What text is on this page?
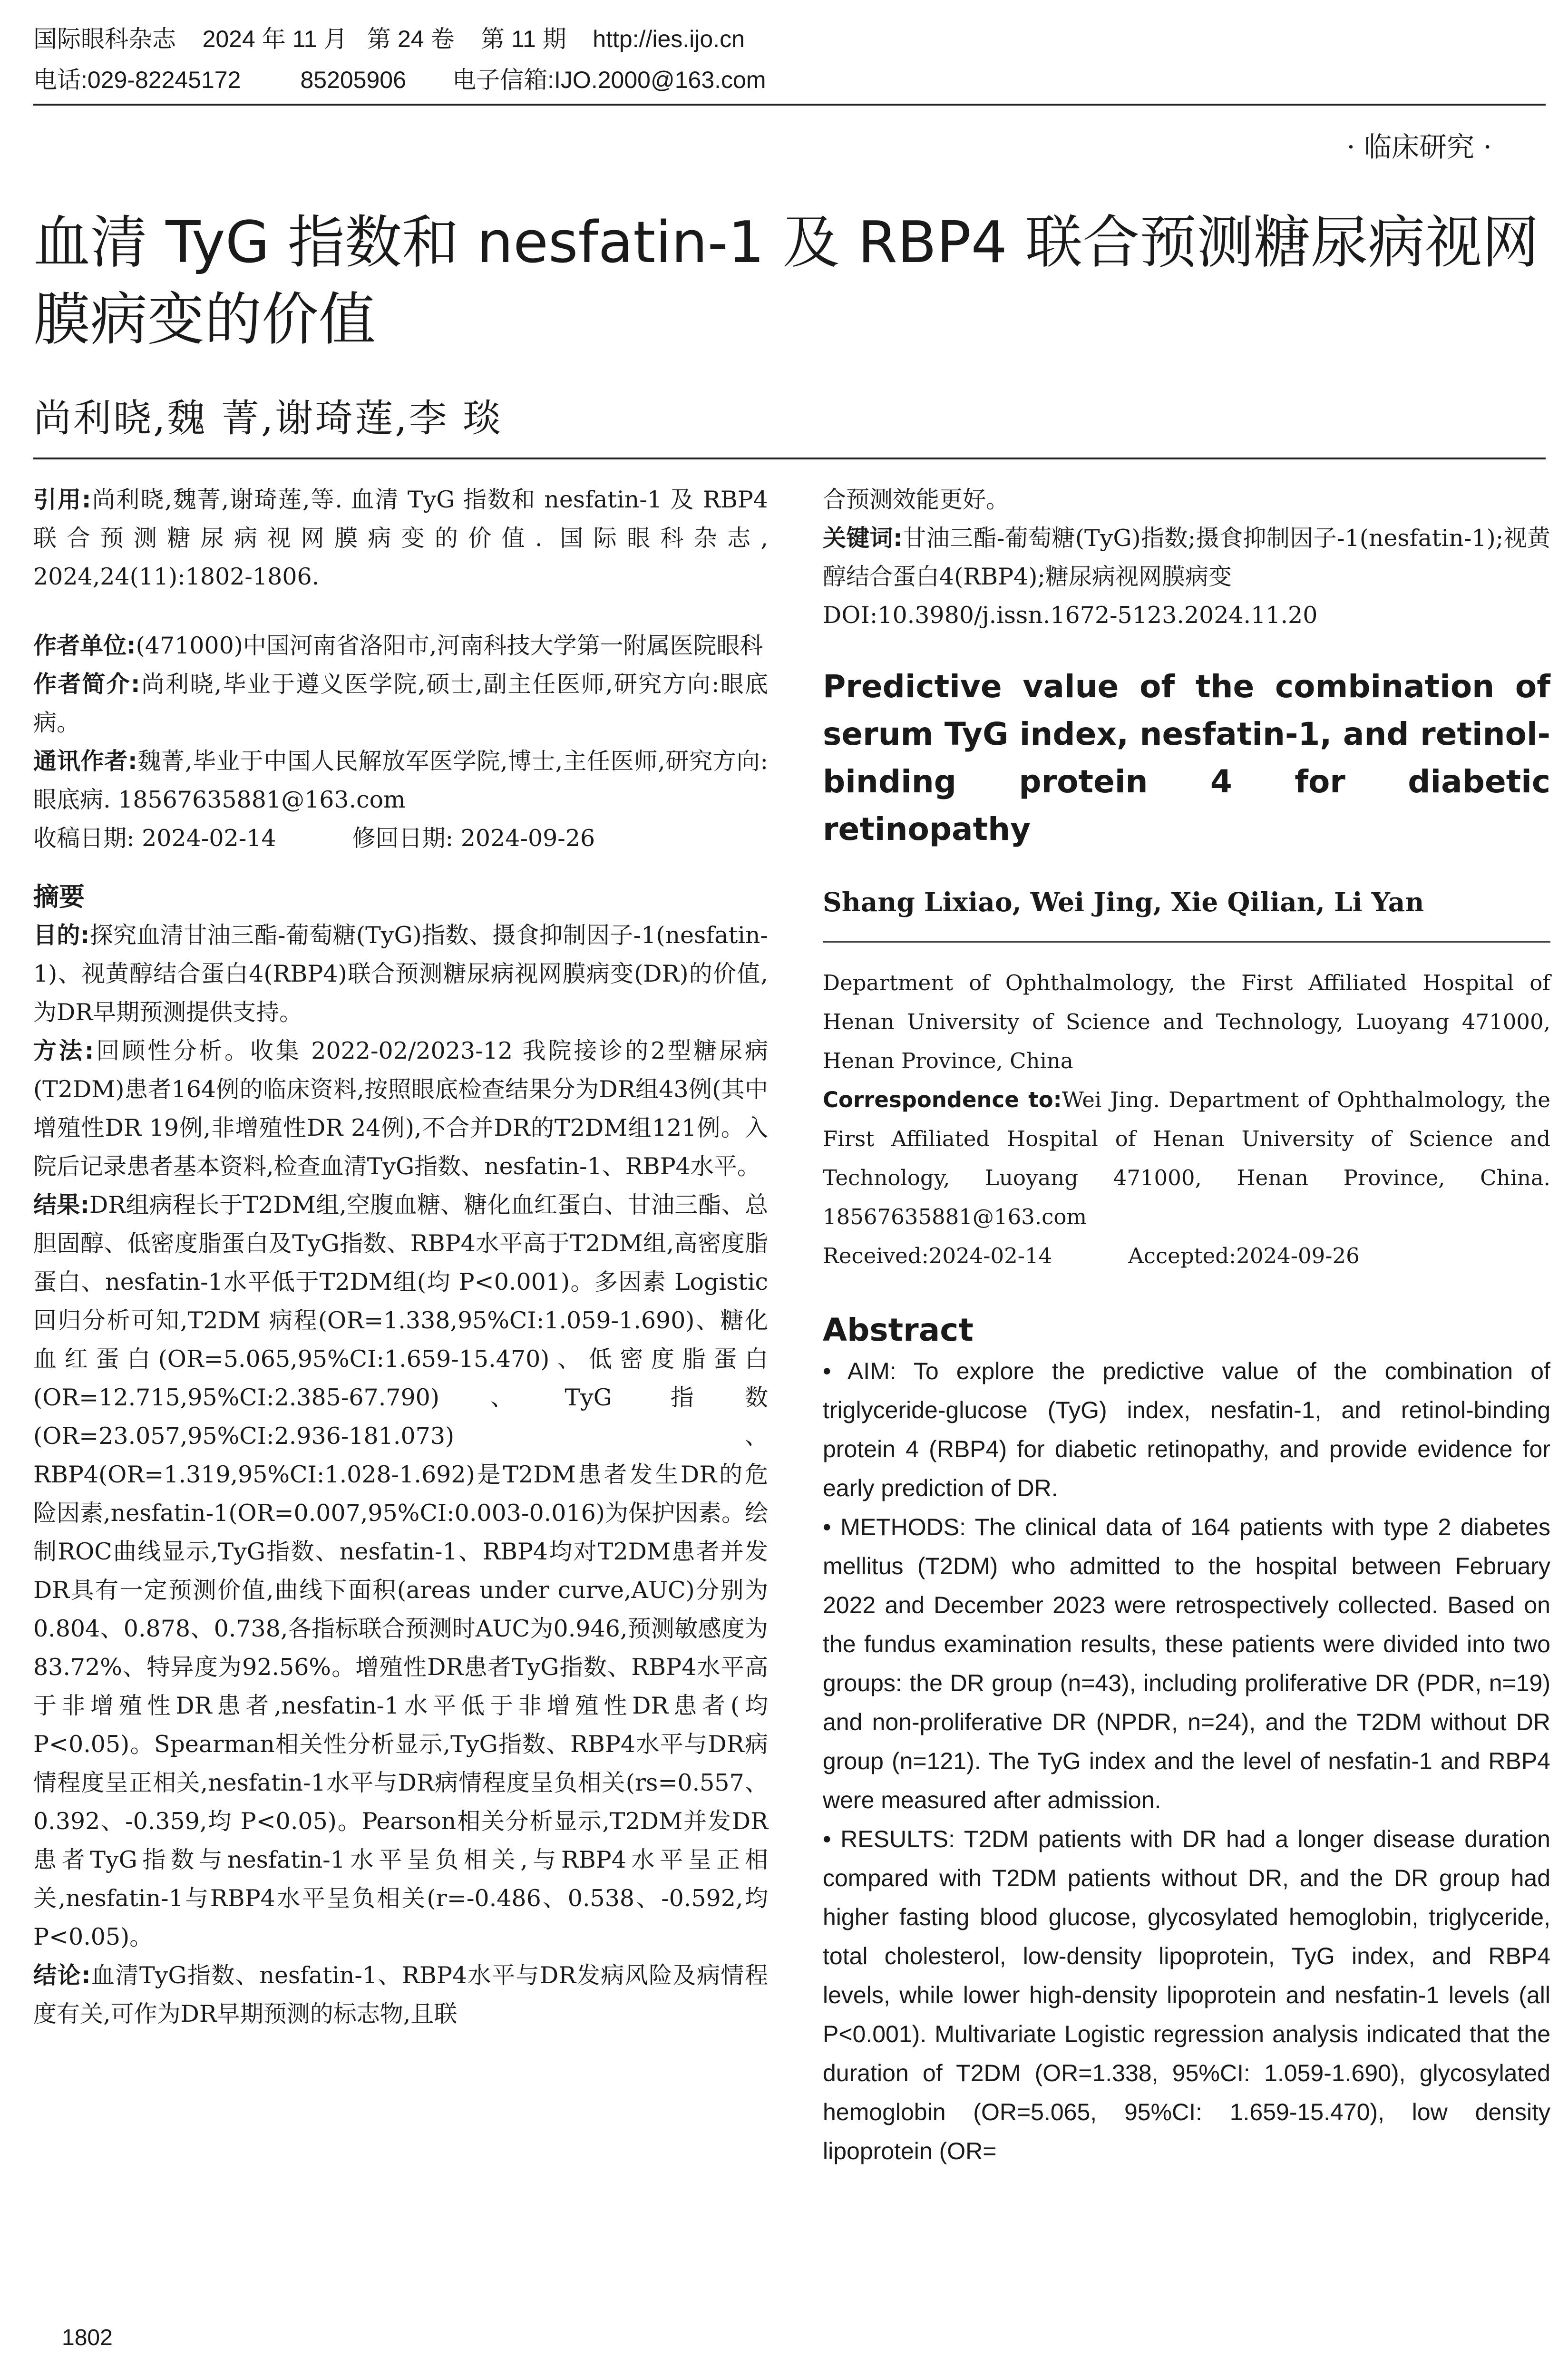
国际眼科杂志    2024 年 11 月   第 24 卷    第 11 期    http://ies.ijo.cn
电话:029-82245172         85205906       电子信箱:IJO.2000@163.com
· 临床研究 ·
血清 TyG 指数和 nesfatin-1 及 RBP4 联合预测糖尿病视网膜病变的价值
尚利晓,魏 菁,谢琦莲,李 琰

引用:尚利晓,魏菁,谢琦莲,等. 血清 TyG 指数和 nesfatin-1 及 RBP4 联合预测糖尿病视网膜病变的价值. 国际眼科杂志, 2024,24(11):1802-1806.

作者单位:(471000)中国河南省洛阳市,河南科技大学第一附属医院眼科

作者简介:尚利晓,毕业于遵义医学院,硕士,副主任医师,研究方向:眼底病。

通讯作者:魏菁,毕业于中国人民解放军医学院,博士,主任医师,研究方向:眼底病. 18567635881@163.com

收稿日期: 2024-02-14	修回日期: 2024-09-26

摘要

目的:探究血清甘油三酯-葡萄糖(TyG)指数、摄食抑制因子-1(nesfatin-1)、视黄醇结合蛋白4(RBP4)联合预测糖尿病视网膜病变(DR)的价值,为DR早期预测提供支持。

方法:回顾性分析。收集 2022-02/2023-12 我院接诊的2型糖尿病(T2DM)患者164例的临床资料,按照眼底检查结果分为DR组43例(其中增殖性DR 19例,非增殖性DR 24例),不合并DR的T2DM组121例。入院后记录患者基本资料,检查血清TyG指数、nesfatin-1、RBP4水平。

结果:DR组病程长于T2DM组,空腹血糖、糖化血红蛋白、甘油三酯、总胆固醇、低密度脂蛋白及TyG指数、RBP4水平高于T2DM组,高密度脂蛋白、nesfatin-1水平低于T2DM组(均 P<0.001)。多因素 Logistic 回归分析可知,T2DM 病程(OR=1.338,95%CI:1.059-1.690)、糖化血红蛋白(OR=5.065,95%CI:1.659-15.470)、低密度脂蛋白(OR=12.715,95%CI:2.385-67.790)、TyG 指数(OR=23.057,95%CI:2.936-181.073)、RBP4(OR=1.319,95%CI:1.028-1.692)是T2DM患者发生DR的危险因素,nesfatin-1(OR=0.007,95%CI:0.003-0.016)为保护因素。绘制ROC曲线显示,TyG指数、nesfatin-1、RBP4均对T2DM患者并发DR具有一定预测价值,曲线下面积(areas under curve,AUC)分别为0.804、0.878、0.738,各指标联合预测时AUC为0.946,预测敏感度为83.72%、特异度为92.56%。增殖性DR患者TyG指数、RBP4水平高于非增殖性DR患者,nesfatin-1水平低于非增殖性DR患者(均 P<0.05)。Spearman相关性分析显示,TyG指数、RBP4水平与DR病情程度呈正相关,nesfatin-1水平与DR病情程度呈负相关(rs=0.557、0.392、-0.359,均 P<0.05)。Pearson相关分析显示,T2DM并发DR患者TyG指数与nesfatin-1水平呈负相关,与RBP4水平呈正相关,nesfatin-1与RBP4水平呈负相关(r=-0.486、0.538、-0.592,均 P<0.05)。

结论:血清TyG指数、nesfatin-1、RBP4水平与DR发病风险及病情程度有关,可作为DR早期预测的标志物,且联

合预测效能更好。

关键词:甘油三酯-葡萄糖(TyG)指数;摄食抑制因子-1(nesfatin-1);视黄醇结合蛋白4(RBP4);糖尿病视网膜病变

DOI:10.3980/j.issn.1672-5123.2024.11.20

Predictive value of the combination of serum TyG index, nesfatin-1, and retinol-binding protein 4 for diabetic retinopathy

Shang Lixiao, Wei Jing, Xie Qilian, Li Yan

Department of Ophthalmology, the First Affiliated Hospital of Henan University of Science and Technology, Luoyang 471000, Henan Province, China

Correspondence to:Wei Jing. Department of Ophthalmology, the First Affiliated Hospital of Henan University of Science and Technology, Luoyang 471000, Henan Province, China. 18567635881@163.com

Received:2024-02-14	Accepted:2024-09-26

Abstract

• AIM: To explore the predictive value of the combination of triglyceride-glucose (TyG) index, nesfatin-1, and retinol-binding protein 4 (RBP4) for diabetic retinopathy, and provide evidence for early prediction of DR.

• METHODS: The clinical data of 164 patients with type 2 diabetes mellitus (T2DM) who admitted to the hospital between February 2022 and December 2023 were retrospectively collected. Based on the fundus examination results, these patients were divided into two groups: the DR group (n=43), including proliferative DR (PDR, n=19) and non-proliferative DR (NPDR, n=24), and the T2DM without DR group (n=121). The TyG index and the level of nesfatin-1 and RBP4 were measured after admission.

• RESULTS: T2DM patients with DR had a longer disease duration compared with T2DM patients without DR, and the DR group had higher fasting blood glucose, glycosylated hemoglobin, triglyceride, total cholesterol, low-density lipoprotein, TyG index, and RBP4 levels, while lower high-density lipoprotein and nesfatin-1 levels (all P<0.001). Multivariate Logistic regression analysis indicated that the duration of T2DM (OR=1.338, 95%CI: 1.059-1.690), glycosylated hemoglobin (OR=5.065, 95%CI: 1.659-15.470), low density lipoprotein (OR=

1802
